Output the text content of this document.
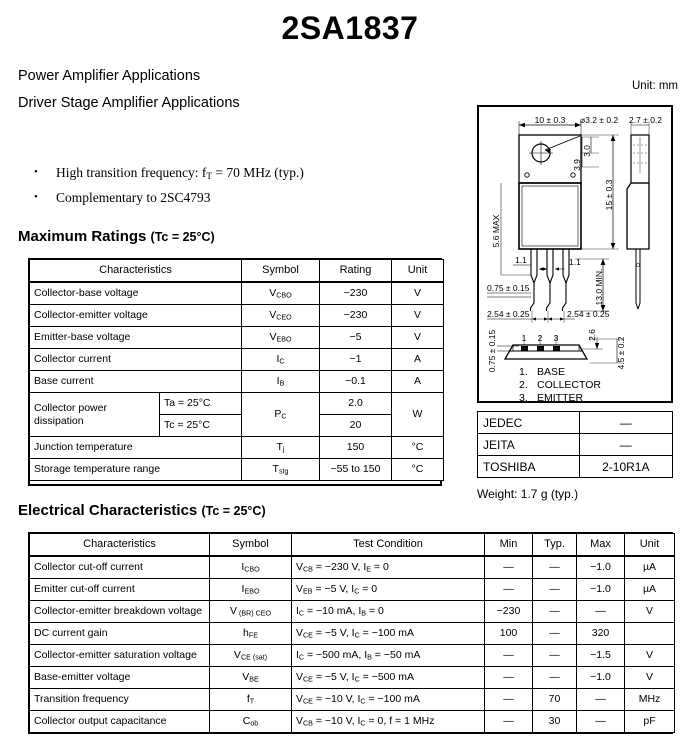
2SA1837
Power Amplifier Applications
Driver Stage Amplifier Applications
Unit: mm
• High transition frequency: $f_T = 70$ MHz (typ.)
• Complementary to 2SC4793
Maximum Ratings (Tc = 25°C)
Characteristics		Symbol	Rating	Unit
Collector-base voltage		$V_{CBO}$	−230	V
Collector-emitter voltage		$V_{CEO}$	−230	V
Emitter-base voltage		$V_{EBO}$	−5	V
Collector current		$I_C$	−1	A
Base current		$I_B$	−0.1	A
Collector power dissipation	Ta = 25°C	$P_C$	2.0	W
	Tc = 25°C		20	
Junction temperature		$T_j$	150	°C
Storage temperature range		$T_{stg}$	−55 to 150	°C
Electrical Characteristics (Tc = 25°C)
Characteristics	Symbol	Test Condition	Min	Typ.	Max	Unit
Collector cut-off current	$I_{CBO}$	$V_{CB} = -230$ V, $I_E = 0$	—	—	−1.0	µA
Emitter cut-off current	$I_{EBO}$	$V_{EB} = -5$ V, $I_C = 0$	—	—	−1.0	µA
Collector-emitter breakdown voltage	V $_{(BR) CEO}$	$I_C = -10$ mA, $I_B = 0$	−230	—	—	V
DC current gain	$h_{FE}$	$V_{CE} = -5$ V, $I_C = -100$ mA	100	—	320	
Collector-emitter saturation voltage	$V_{CE (sat)}$	$I_C = -500$ mA, $I_B = -50$ mA	—	—	−1.5	V
Base-emitter voltage	$V_{BE}$	$V_{CE} = -5$ V, $I_C = -500$ mA	—	—	−1.0	V
Transition frequency	$f_T$	$V_{CE} = -10$ V, $I_C = -100$ mA	—	70	—	MHz
Collector output capacitance	$C_{ob}$	$V_{CB} = -10$ V, $I_C = 0$, f = 1 MHz	—	30	—	pF
10 ± 0.3 ⌀3.2 ± 0.2 2.7 ± 0.2
3.0
3.9
15 ± 0.3
5.6 MAX
1.1	1.1
0.75 ± 0.15
2.54 ± 0.25	2.54 ± 0.25
13.0 MIN.
0.75 ± 0.15	2.6
4.5 ± 0.2
1 2 3
1. BASE
2. COLLECTOR
3. EMITTER
JEDEC	—
JEITA	—
TOSHIBA	2-10R1A
Weight: 1.7 g (typ.)
